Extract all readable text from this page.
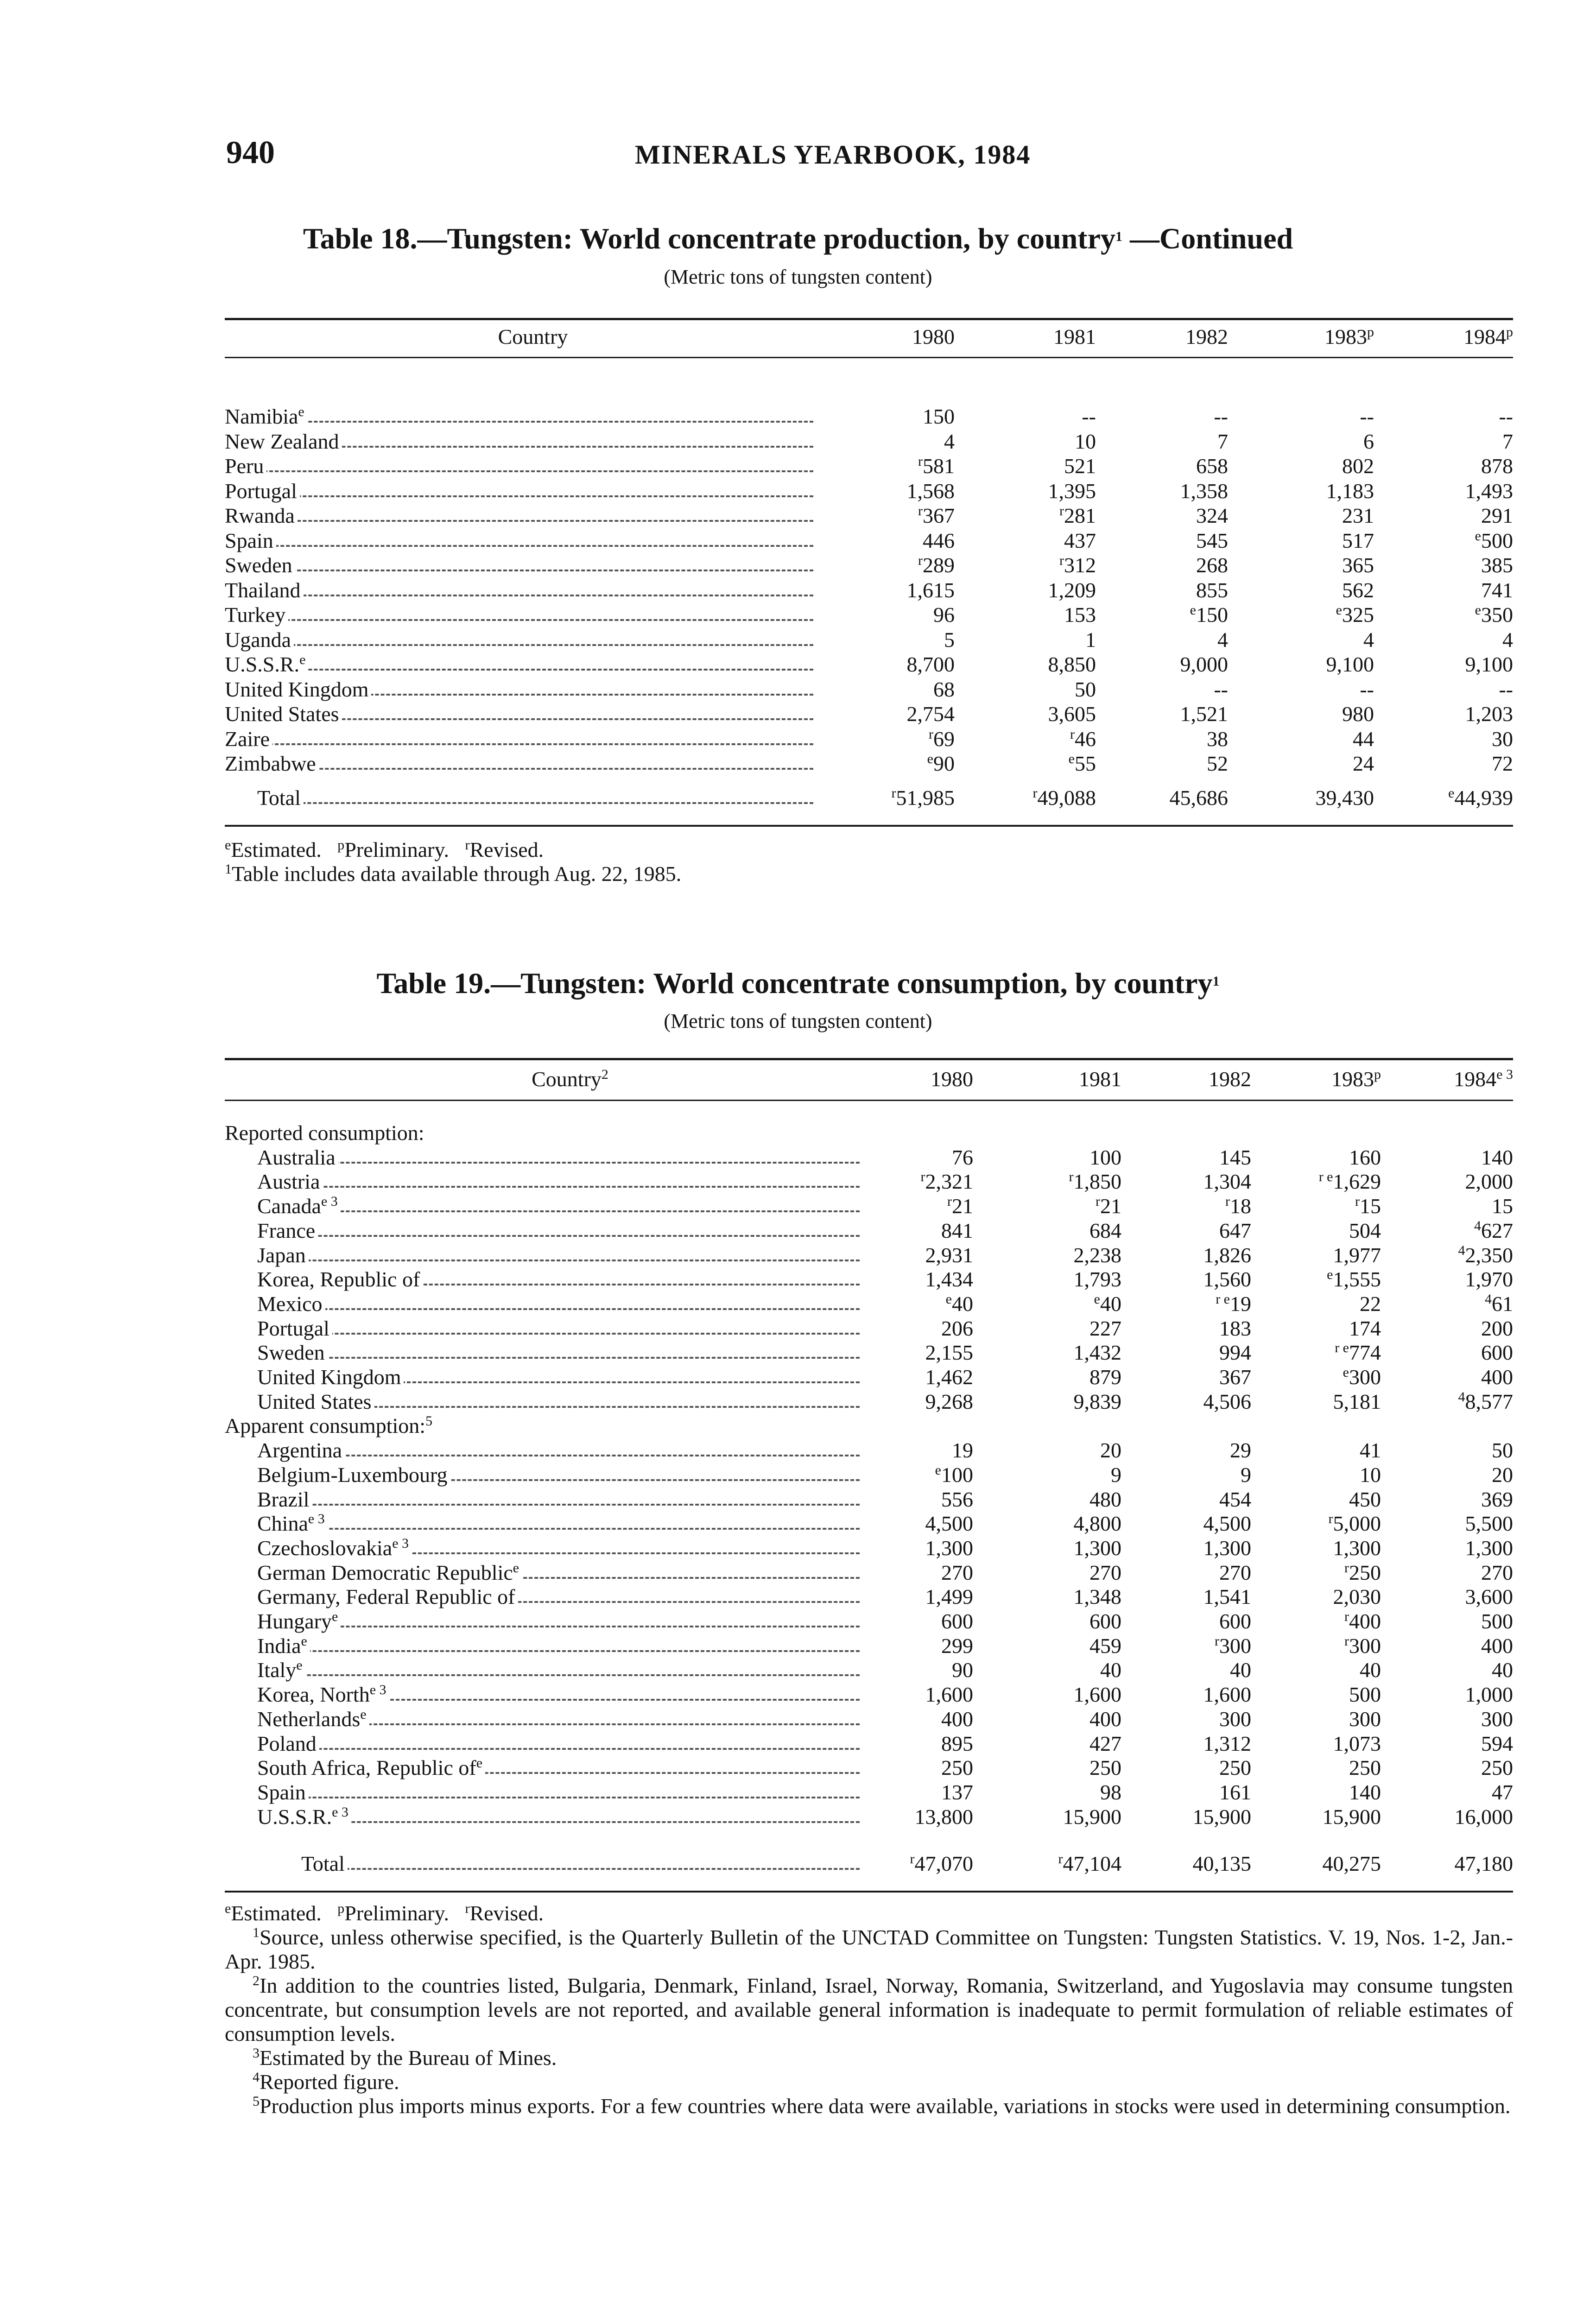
940	MINERALS YEARBOOK, 1984
Table 18.—Tungsten: World concentrate production, by country$^1$ —Continued
(Metric tons of tungsten content)
Country	1980	1981	1982	1983$^p$	1984$^p$
Namibia$^e$	150	--	--	--	--
New Zealand	4	10	7	6	7
Peru	$^r$581	521	658	802	878
Portugal	1,568	1,395	1,358	1,183	1,493
Rwanda	$^r$367	$^r$281	324	231	291
Spain	446	437	545	517	$^e$500
Sweden	$^r$289	$^r$312	268	365	385
Thailand	1,615	1,209	855	562	741
Turkey	96	153	$^e$150	$^e$325	$^e$350
Uganda	5	1	4	4	4
U.S.S.R.$^e$	8,700	8,850	9,000	9,100	9,100
United Kingdom	68	50	--	--	--
United States	2,754	3,605	1,521	980	1,203
Zaire	$^r$69	$^r$46	38	44	30
Zimbabwe	$^e$90	$^e$55	52	24	72
Total	$^r$51,985	$^r$49,088	45,686	39,430	$^e$44,939

$^e$Estimated.   $^p$Preliminary.   $^r$Revised.

$^1$Table includes data available through Aug. 22, 1985.

Table 19.—Tungsten: World concentrate consumption, by country$^1$
(Metric tons of tungsten content)
Country$^2$	1980	1981	1982	1983$^p$	$1984^{e 3}$
Reported consumption:
Australia	76	100	145	160	140
Austria	$^r$2,321	$^r$1,850	1,304	$^{r e}$1,629	2,000
Canada$^{e 3}$	$^r$21	$^r$21	$^r$18	$^r$15	15
France	841	684	647	504	$^4$627
Japan	2,931	2,238	1,826	1,977	$^4$2,350
Korea, Republic of	1,434	1,793	1,560	$^e$1,555	1,970
Mexico	$^e$40	$^e$40	$^{r e}$19	22	$^4$61
Portugal	206	227	183	174	200
Sweden	2,155	1,432	994	$^{r e}$774	600
United Kingdom	1,462	879	367	$^e$300	400
United States	9,268	9,839	4,506	5,181	$^4$8,577
Apparent consumption:$^5$
Argentina	19	20	29	41	50
Belgium-Luxembourg	$^e$100	9	9	10	20
Brazil	556	480	454	450	369
China$^{e 3}$	4,500	4,800	4,500	$^r$5,000	5,500
Czechoslovakia$^{e 3}$	1,300	1,300	1,300	1,300	1,300
German Democratic Republic$^e$	270	270	270	$^r$250	270
Germany, Federal Republic of	1,499	1,348	1,541	2,030	3,600
Hungary$^e$	600	600	600	$^r$400	500
India$^e$	299	459	$^r$300	$^r$300	400
Italy$^e$	90	40	40	40	40
Korea, North$^{e 3}$	1,600	1,600	1,600	500	1,000
Netherlands$^e$	400	400	300	300	300
Poland	895	427	1,312	1,073	594
South Africa, Republic $of^e$	250	250	250	250	250
Spain	137	98	161	140	47
U.S.S.R.$^{e 3}$	13,800	15,900	15,900	15,900	16,000
Total	$^r$47,070	$^r$47,104	40,135	40,275	47,180

$^e$Estimated.   $^p$Preliminary.   $^r$Revised.

$^1$Source, unless otherwise specified, is the Quarterly Bulletin of the UNCTAD Committee on Tungsten: Tungsten Statistics. V. 19, Nos. 1-2, Jan.-Apr. 1985.

$^2$In addition to the countries listed, Bulgaria, Denmark, Finland, Israel, Norway, Romania, Switzerland, and Yugoslavia may consume tungsten concentrate, but consumption levels are not reported, and available general information is inadequate to permit formulation of reliable estimates of consumption levels.

$^3$Estimated by the Bureau of Mines.

$^4$Reported figure.

$^5$Production plus imports minus exports. For a few countries where data were available, variations in stocks were used in determining consumption.
